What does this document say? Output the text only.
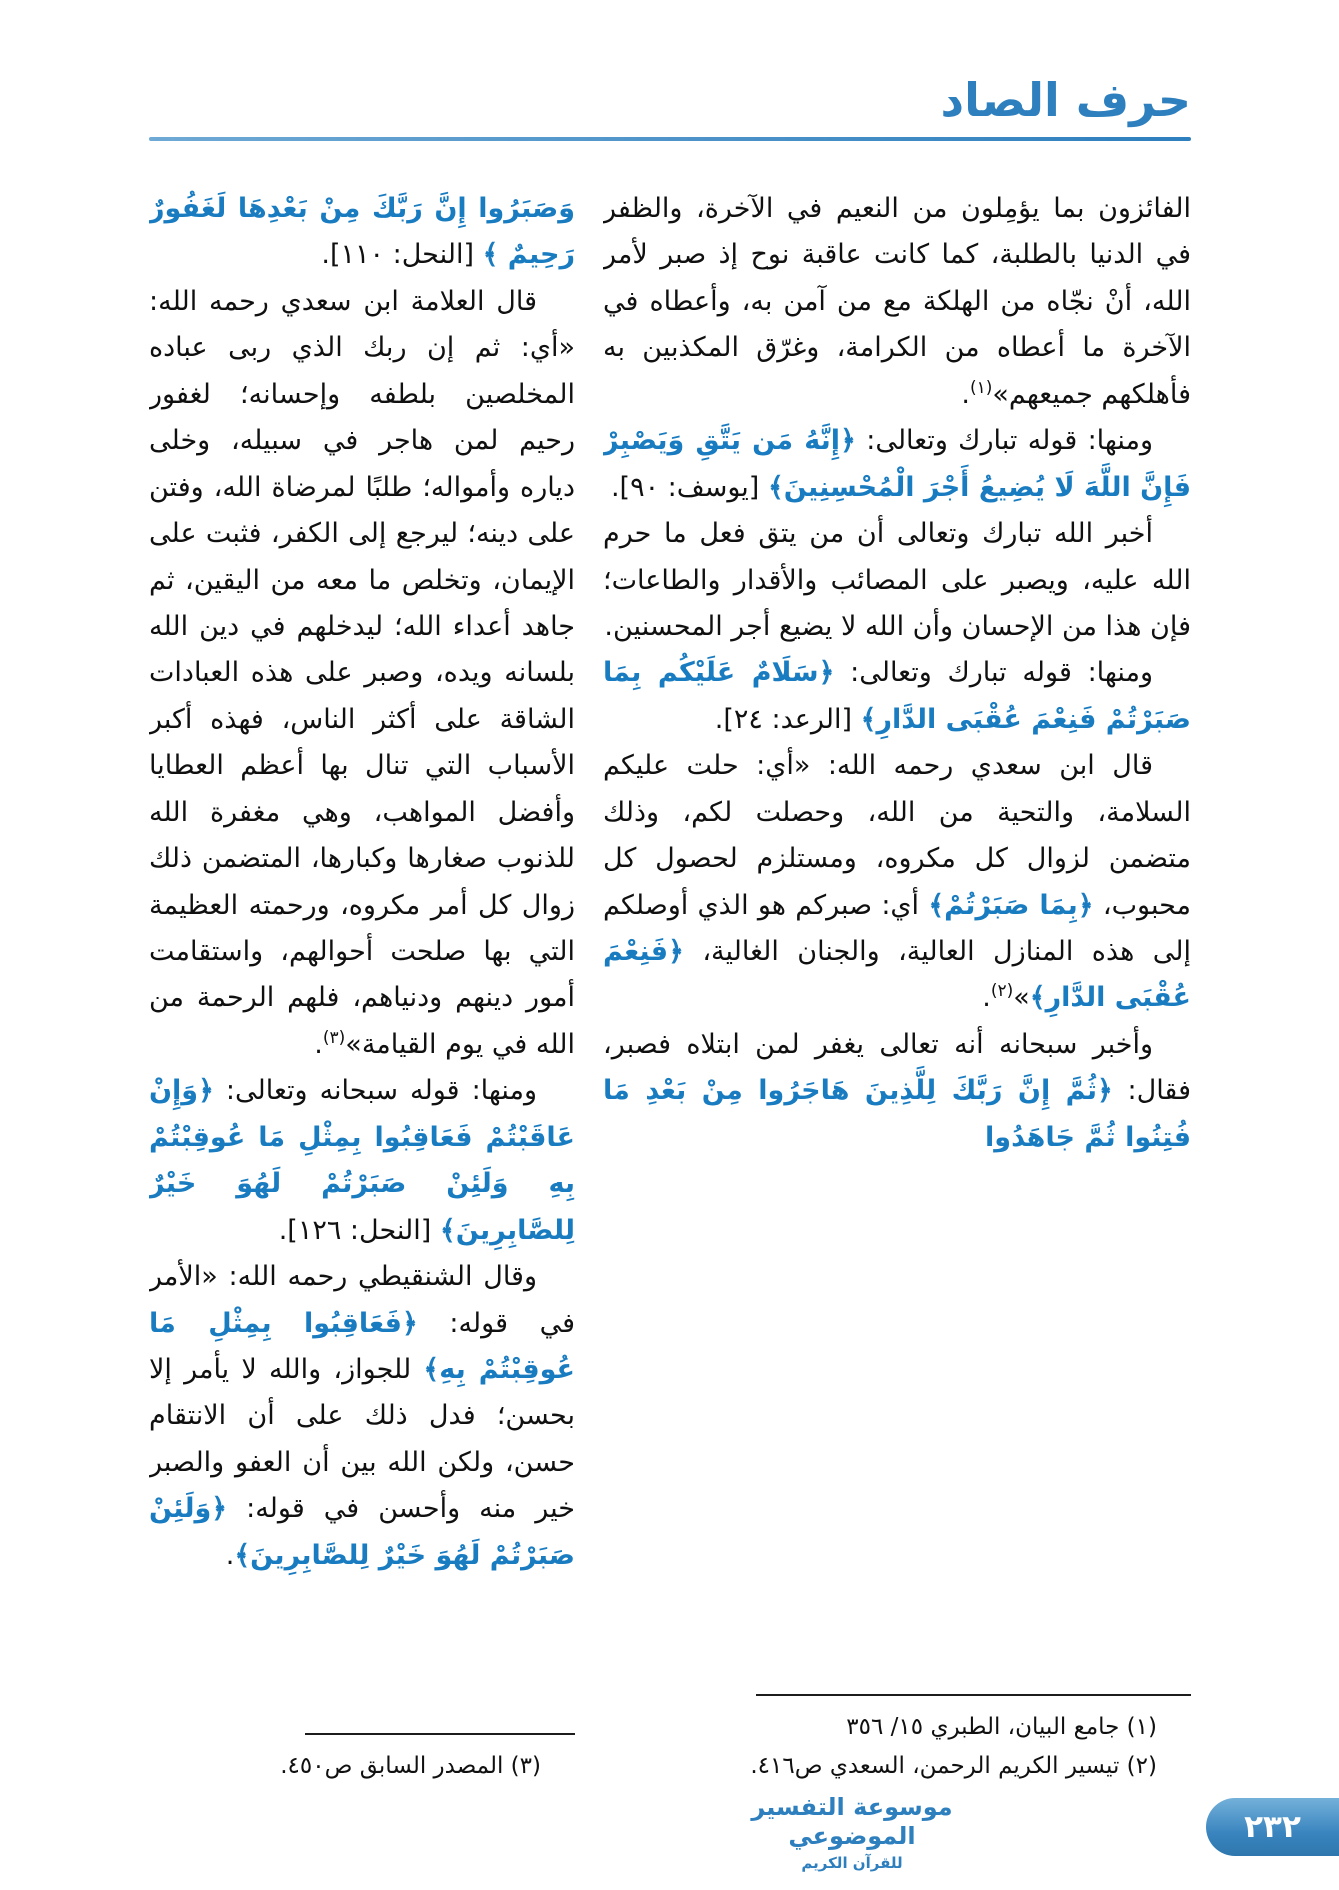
حرف الصاد

الفائزون بما يؤمِلون من النعيم في الآخرة، والظفر في الدنيا بالطلبة، كما كانت عاقبة نوح إذ صبر لأمر الله، أنْ نجّاه من الهلكة مع من آمن به، وأعطاه في الآخرة ما أعطاه من الكرامة، وغرّق المكذبين به فأهلكهم جميعهم»$^{(١)}$.

ومنها: قوله تبارك وتعالى: ﴿إِنَّهُ مَن يَتَّقِ وَيَصْبِرْ فَإِنَّ اللَّهَ لَا يُضِيعُ أَجْرَ الْمُحْسِنِينَ﴾ [يوسف: ٩٠].

أخبر الله تبارك وتعالى أن من يتق فعل ما حرم الله عليه، ويصبر على المصائب والأقدار والطاعات؛ فإن هذا من الإحسان وأن الله لا يضيع أجر المحسنين.

ومنها: قوله تبارك وتعالى: ﴿سَلَامٌ عَلَيْكُم بِمَا صَبَرْتُمْ فَنِعْمَ عُقْبَى الدَّارِ﴾ [الرعد: ٢٤].

قال ابن سعدي رحمه الله: «أي: حلت عليكم السلامة، والتحية من الله، وحصلت لكم، وذلك متضمن لزوال كل مكروه، ومستلزم لحصول كل محبوب، ﴿بِمَا صَبَرْتُمْ﴾ أي: صبركم هو الذي أوصلكم إلى هذه المنازل العالية، والجنان الغالية، ﴿فَنِعْمَ عُقْبَى الدَّارِ﴾»$^{(٢)}$.

وأخبر سبحانه أنه تعالى يغفر لمن ابتلاه فصبر، فقال: ﴿ثُمَّ إِنَّ رَبَّكَ لِلَّذِينَ هَاجَرُوا مِنْ بَعْدِ مَا فُتِنُوا ثُمَّ جَاهَدُوا

(١) جامع البيان، الطبري ١٥/ ٣٥٦
(٢) تيسير الكريم الرحمن، السعدي ص٤١٦.

وَصَبَرُوا إِنَّ رَبَّكَ مِنْ بَعْدِهَا لَغَفُورٌ رَحِيمٌ ﴾ [النحل: ١١٠].

قال العلامة ابن سعدي رحمه الله: «أي: ثم إن ربك الذي ربى عباده المخلصين بلطفه وإحسانه؛ لغفور رحيم لمن هاجر في سبيله، وخلى دياره وأمواله؛ طلبًا لمرضاة الله، وفتن على دينه؛ ليرجع إلى الكفر، فثبت على الإيمان، وتخلص ما معه من اليقين، ثم جاهد أعداء الله؛ ليدخلهم في دين الله بلسانه ويده، وصبر على هذه العبادات الشاقة على أكثر الناس، فهذه أكبر الأسباب التي تنال بها أعظم العطايا وأفضل المواهب، وهي مغفرة الله للذنوب صغارها وكبارها، المتضمن ذلك زوال كل أمر مكروه، ورحمته العظيمة التي بها صلحت أحوالهم، واستقامت أمور دينهم ودنياهم، فلهم الرحمة من الله في يوم القيامة»$^{(٣)}$.

ومنها: قوله سبحانه وتعالى: ﴿وَإِنْ عَاقَبْتُمْ فَعَاقِبُوا بِمِثْلِ مَا عُوقِبْتُمْ بِهِ وَلَئِنْ صَبَرْتُمْ لَهُوَ خَيْرٌ لِلصَّابِرِينَ﴾ [النحل: ١٢٦].

وقال الشنقيطي رحمه الله: «الأمر في قوله: ﴿فَعَاقِبُوا بِمِثْلِ مَا عُوقِبْتُمْ بِهِ﴾ للجواز، والله لا يأمر إلا بحسن؛ فدل ذلك على أن الانتقام حسن، ولكن الله بين أن العفو والصبر خير منه وأحسن في قوله: ﴿وَلَئِنْ صَبَرْتُمْ لَهُوَ خَيْرٌ لِلصَّابِرِينَ﴾.

(٣) المصدر السابق ص٤٥٠.
موسوعة التفسير الموضوعي
للقرآن الكريم
٢٣٢
